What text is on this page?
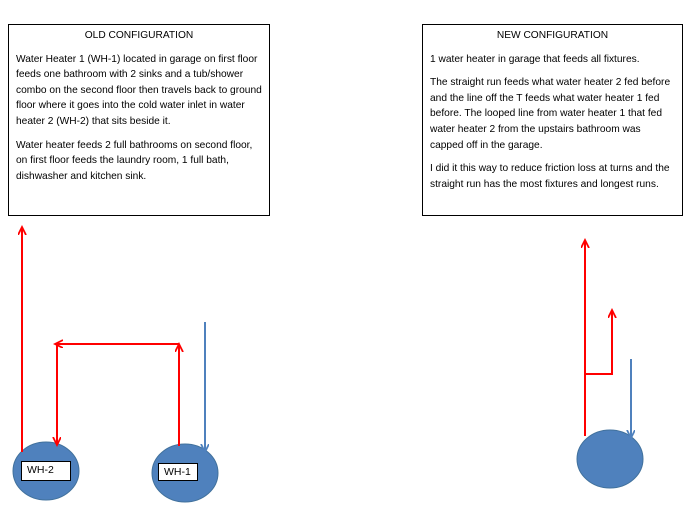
OLD CONFIGURATION

Water Heater 1 (WH-1) located in garage on first floor feeds one bathroom with 2 sinks and a tub/shower combo on the second floor then travels back to ground floor where it goes into the cold water inlet in water heater 2 (WH-2) that sits beside it.

Water heater feeds 2 full bathrooms on second floor, on first floor feeds the laundry room, 1 full bath, dishwasher and kitchen sink.

NEW CONFIGURATION

1 water heater in garage that feeds all fixtures.

The straight run feeds what water heater 2 fed before and the line off the T feeds what water heater 1 fed before. The looped line from water heater 1 that fed water heater 2 from the upstairs bathroom was capped off in the garage.

I did it this way to reduce friction loss at turns and the straight run has the most fixtures and longest runs.

WH-2	WH-1
